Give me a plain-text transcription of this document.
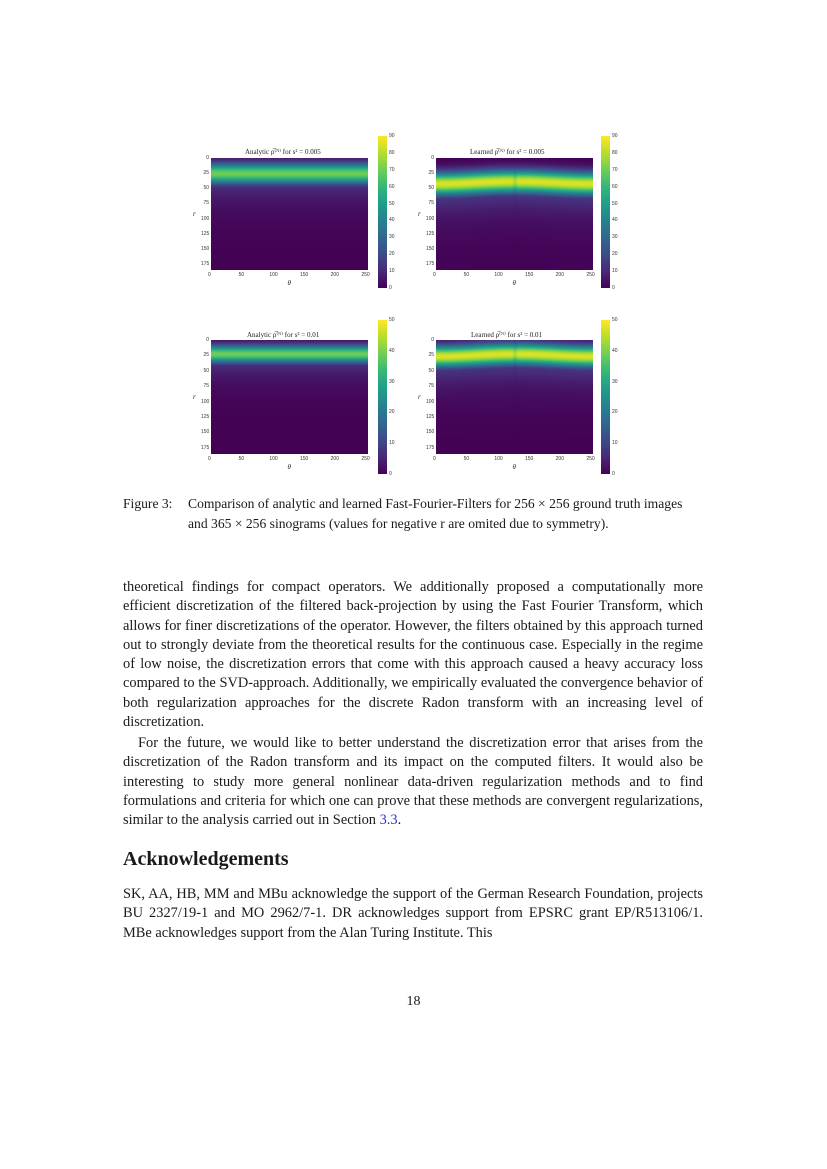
Analytic ρ̅⁽ᴺ⁾ for s² = 0.005
0
25
50
75
100
125
150
175
0	50	100	150	200	250
θ
r
90
80
70
60
50
40
30
20
10
0
Learned ρ̅⁽ᴺ⁾ for s² = 0.005
0
25
50
75
100
125
150
175
0	50	100	150	200	250
θ
r
90
80
70
60
50
40
30
20
10
0
Analytic ρ̅⁽ᴺ⁾ for s² = 0.01
0
25
50
75
100
125
150
175
0	50	100	150	200	250
θ
r
50
40
30
20
10
0
Learned ρ̅⁽ᴺ⁾ for s² = 0.01
0
25
50
75
100
125
150
175
0	50	100	150	200	250
θ
r
50
40
30
20
10
0
Figure 3: Comparison of analytic and learned Fast-Fourier-Filters for 256 × 256 ground truth images and 365 × 256 sinograms (values for negative r are omited due to symmetry).

theoretical findings for compact operators. We additionally proposed a computationally more efficient discretization of the filtered back-projection by using the Fast Fourier Transform, which allows for finer discretizations of the operator. However, the filters obtained by this approach turned out to strongly deviate from the theoretical results for the continuous case. Especially in the regime of low noise, the discretization errors that come with this approach caused a heavy accuracy loss compared to the SVD-approach. Additionally, we empirically evaluated the convergence behavior of both regularization approaches for the discrete Radon transform with an increasing level of discretization.

For the future, we would like to better understand the discretization error that arises from the discretization of the Radon transform and its impact on the computed filters. It would also be interesting to study more general nonlinear data-driven regularization methods and to find formulations and criteria for which one can prove that these methods are convergent regularizations, similar to the analysis carried out in Section 3.3.

Acknowledgements

SK, AA, HB, MM and MBu acknowledge the support of the German Research Foundation, projects BU 2327/19-1 and MO 2962/7-1. DR acknowledges support from EPSRC grant EP/R513106/1. MBe acknowledges support from the Alan Turing Institute. This

18
